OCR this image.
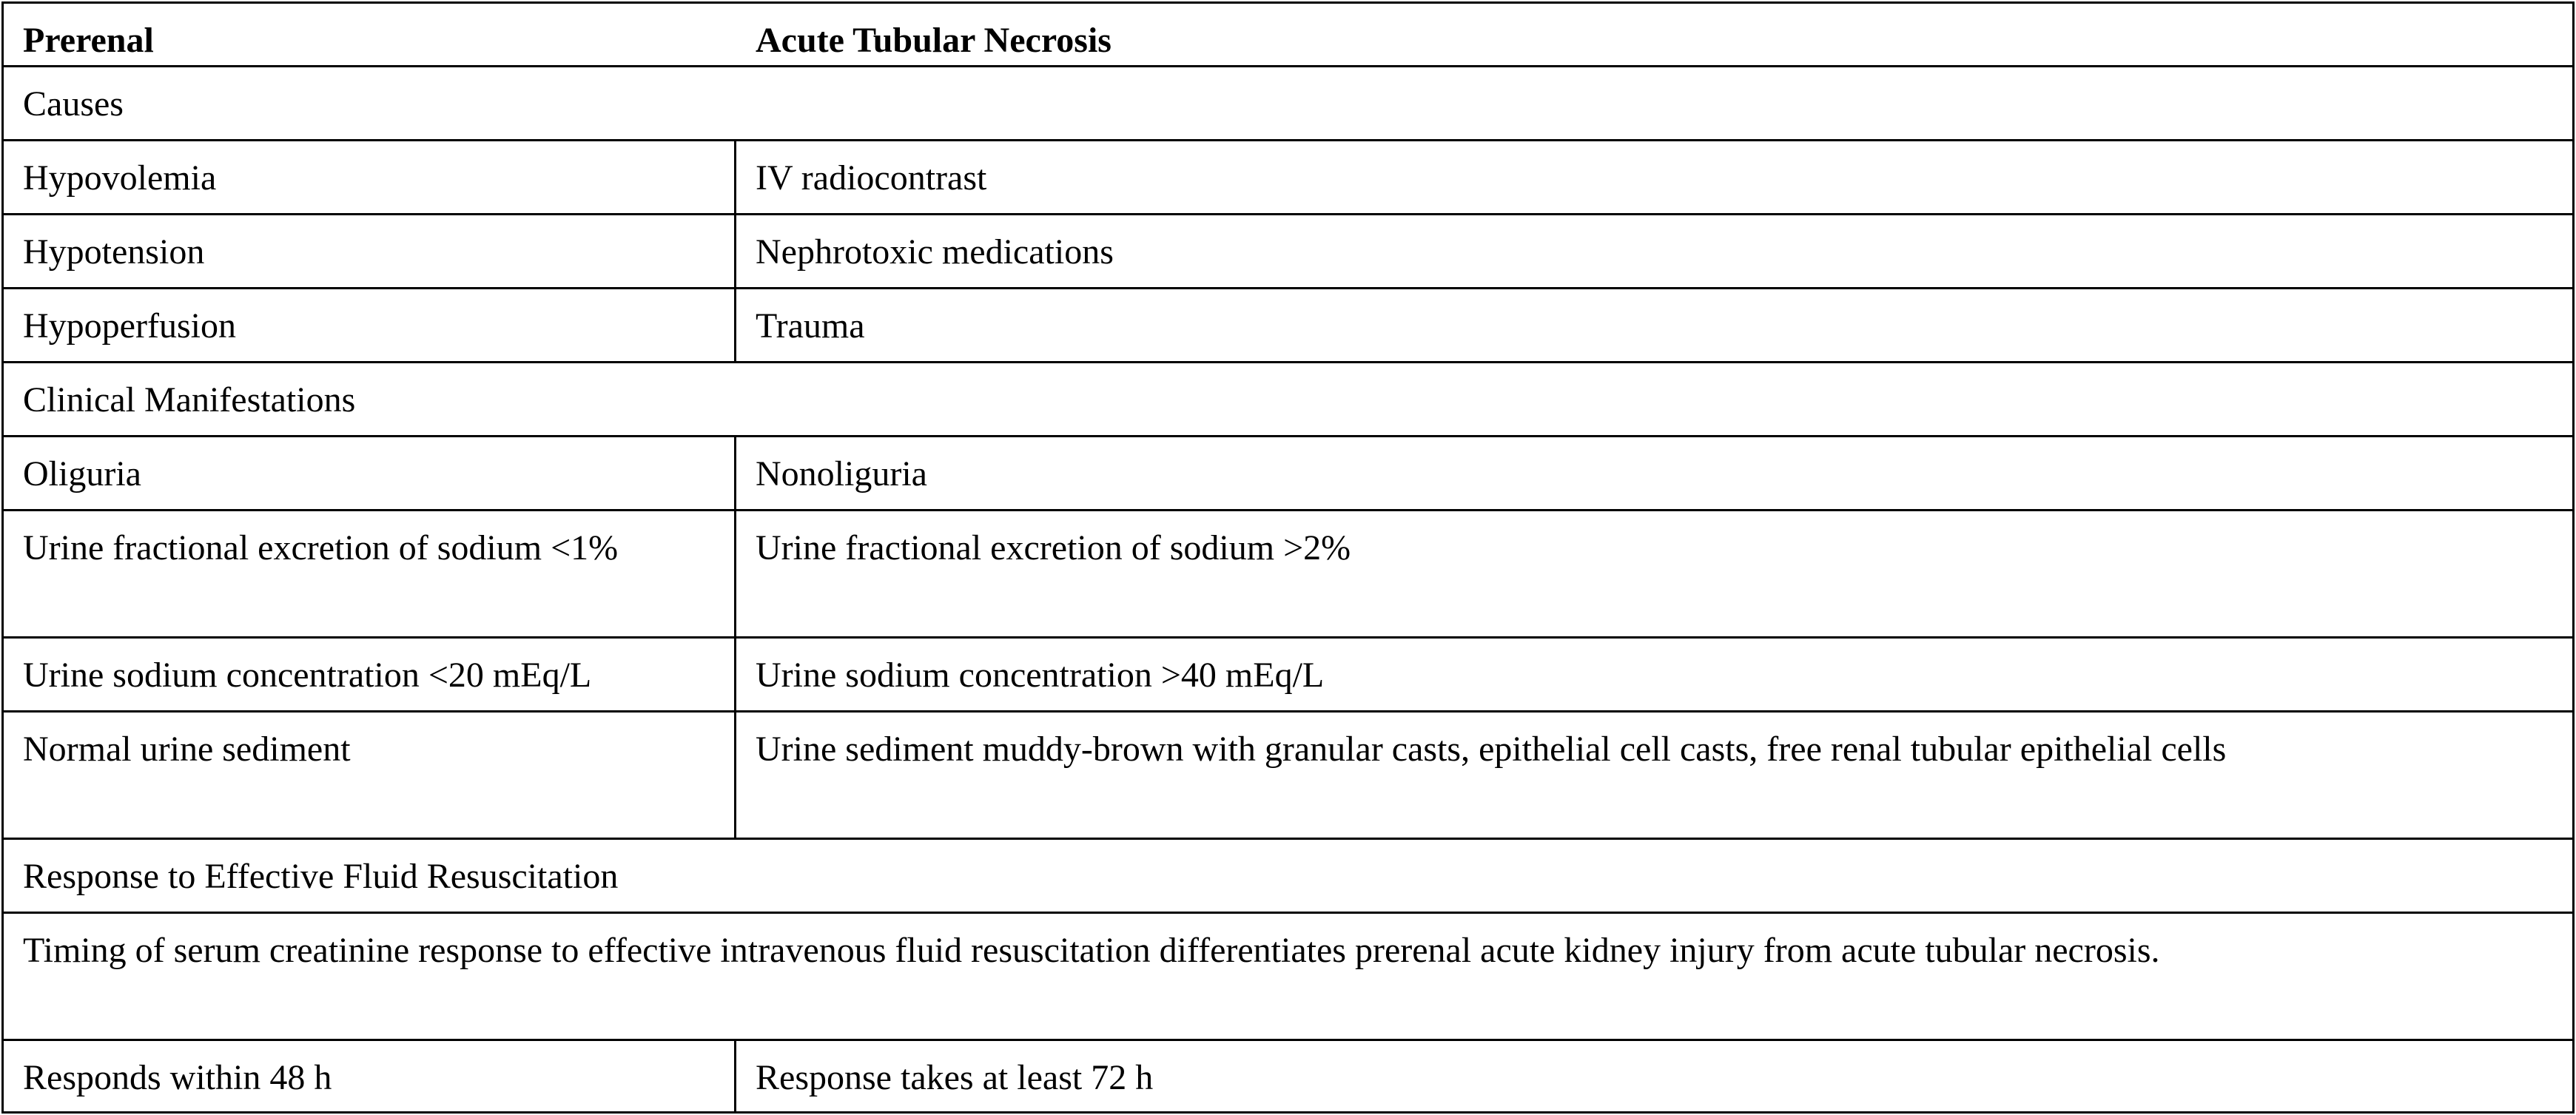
Prerenal	Acute Tubular Necrosis
Causes
Hypovolemia	IV radiocontrast
Hypotension	Nephrotoxic medications
Hypoperfusion	Trauma
Clinical Manifestations
Oliguria	Nonoliguria
Urine fractional excretion of sodium <1%	Urine fractional excretion of sodium >2%
Urine sodium concentration <20 mEq/L	Urine sodium concentration >40 mEq/L
Normal urine sediment	Urine sediment muddy-brown with granular casts, epithelial cell casts, free renal tubular epithelial cells
Response to Effective Fluid Resuscitation
Timing of serum creatinine response to effective intravenous fluid resuscitation differentiates prerenal acute kidney injury from acute tubular necrosis.
Responds within 48 h	Response takes at least 72 h
